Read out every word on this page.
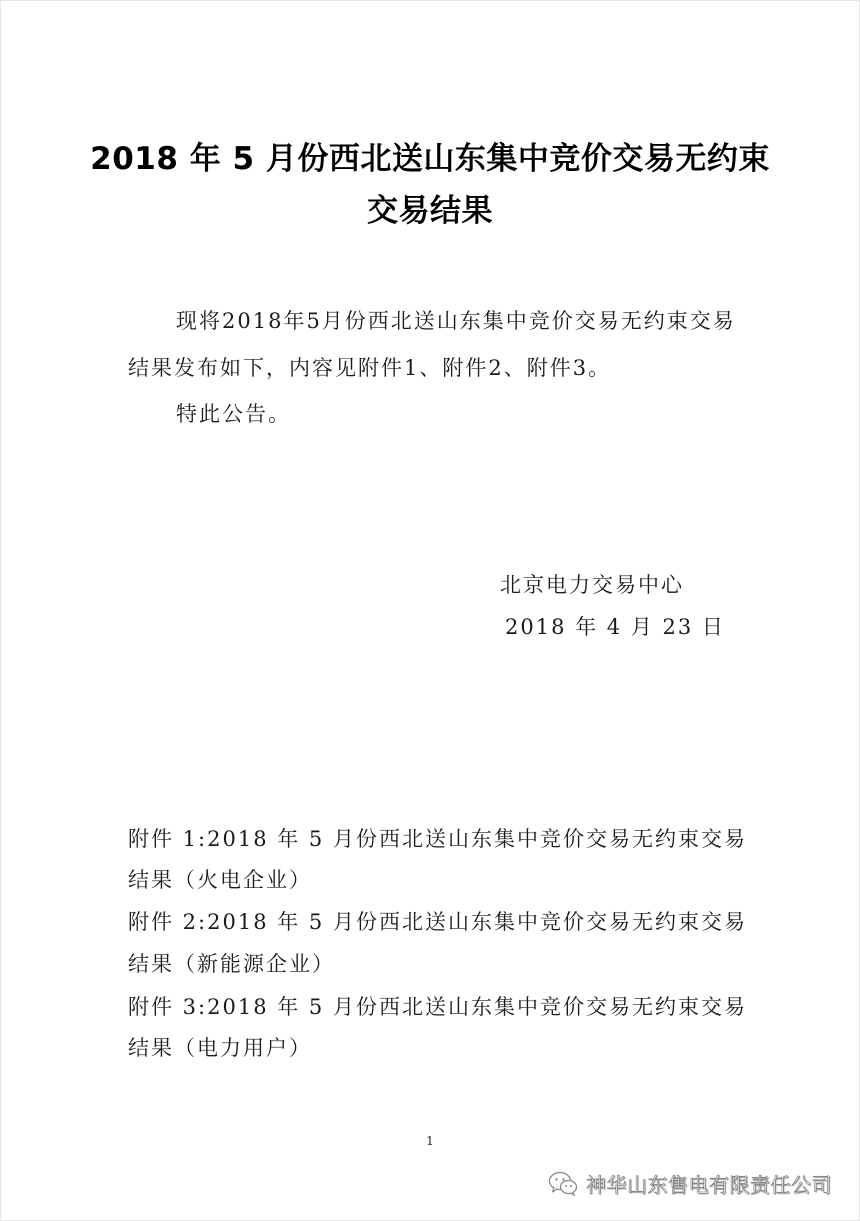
2018 年 5 月份西北送山东集中竞价交易无约束
交易结果
现将2018年5月份西北送山东集中竞价交易无约束交易
结果发布如下，内容见附件1、附件2、附件3。
特此公告。
北京电力交易中心
2018 年 4 月 23 日
附件 1:2018 年 5 月份西北送山东集中竞价交易无约束交易
结果（火电企业）
附件 2:2018 年 5 月份西北送山东集中竞价交易无约束交易
结果（新能源企业）
附件 3:2018 年 5 月份西北送山东集中竞价交易无约束交易
结果（电力用户）
1
神华山东售电有限责任公司
